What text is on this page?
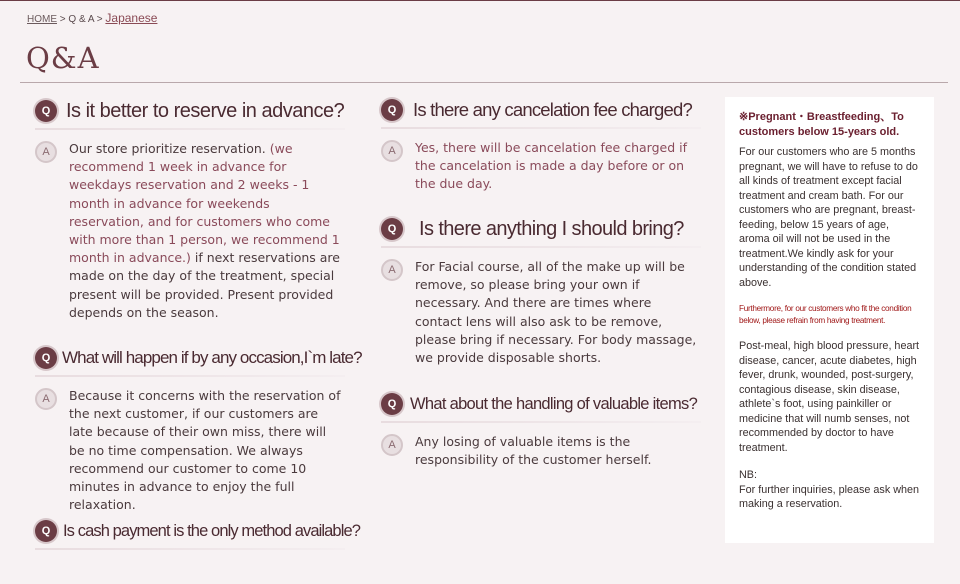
HOME > Q & A > Japanese
Q&A
Q Is it better to reserve in advance?
A	Our store prioritize reservation. (we recommend 1 week in advance for weekdays reservation and 2 weeks - 1 month in advance for weekends reservation, and for customers who come with more than 1 person, we recommend 1 month in advance.) if next reservations are made on the day of the treatment, special present will be provided. Present provided depends on the season.

Q What will happen if by any occasion,I`m late?
A	Because it concerns with the reservation of the next customer, if our customers are late because of their own miss, there will be no time compensation. We always recommend our customer to come 10 minutes in advance to enjoy the full relaxation.

Q Is cash payment is the only method available?
Q Is there any cancelation fee charged?
A	Yes, there will be cancelation fee charged if the cancelation is made a day before or on the due day.

Q	Is there anything I should bring?
A	For Facial course, all of the make up will be remove, so please bring your own if necessary. And there are times where contact lens will also ask to be remove, please bring if necessary. For body massage, we provide disposable shorts.

Q What about the handling of valuable items?
A	Any losing of valuable items is the responsibility of the customer herself.

※Pregnant・Breastfeeding、To customers below 15-years old.

For our customers who are 5 months pregnant, we will have to refuse to do all kinds of treatment except facial treatment and cream bath. For our customers who are pregnant, breast-feeding, below 15 years of age, aroma oil will not be used in the treatment.We kindly ask for your understanding of the condition stated above.

Furthermore, for our customers who fit the condition below, please refrain from having treatment.

Post-meal, high blood pressure, heart disease, cancer, acute diabetes, high fever, drunk, wounded, post-surgery, contagious disease, skin disease, athlete`s foot, using painkiller or medicine that will numb senses, not recommended by doctor to have treatment.

NB:

For further inquiries, please ask when making a reservation.
